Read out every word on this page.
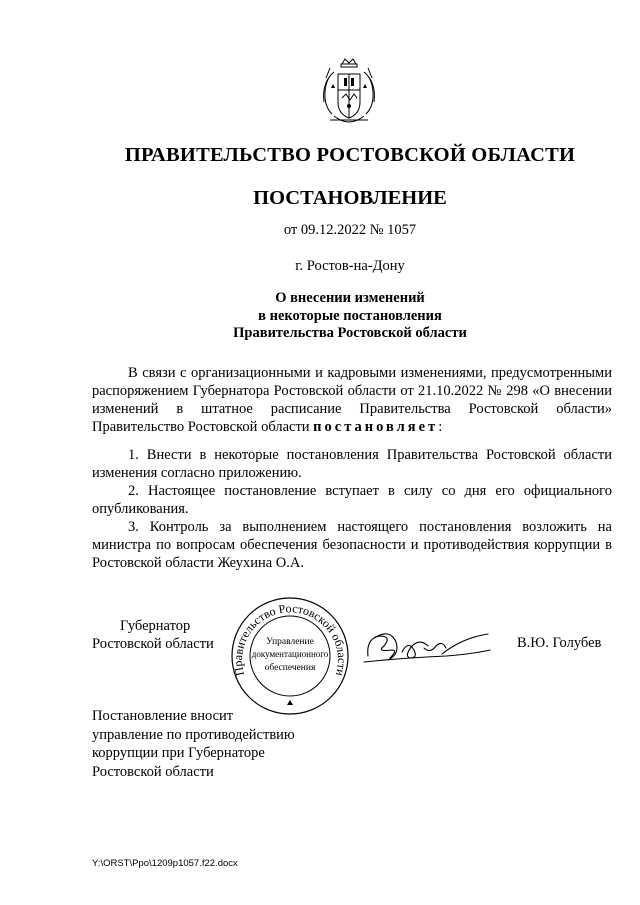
ПРАВИТЕЛЬСТВО РОСТОВСКОЙ ОБЛАСТИ
ПОСТАНОВЛЕНИЕ
от 09.12.2022 № 1057
г. Ростов-на-Дону
О внесении изменений
в некоторые постановления
Правительства Ростовской области

В связи с организационными и кадровыми изменениями, предусмотренными распоряжением Губернатора Ростовской области от 21.10.2022 № 298 «О внесении изменений в штатное расписание Правительства Ростовской области» Правительство Ростовской области постановляет:

1. Внести в некоторые постановления Правительства Ростовской области изменения согласно приложению.

2. Настоящее постановление вступает в силу со дня его официального опубликования.

3. Контроль за выполнением настоящего постановления возложить на министра по вопросам обеспечения безопасности и противодействия коррупции в Ростовской области Жеухина О.А.

Губернатор
Ростовской области
Правительство Ростовской области
Управление
документационного
обеспечения
В.Ю. Голубев
Постановление вносит
управление по противодействию
коррупции при Губернаторе
Ростовской области
Y:\ORST\Ppo\1209p1057.f22.docx
